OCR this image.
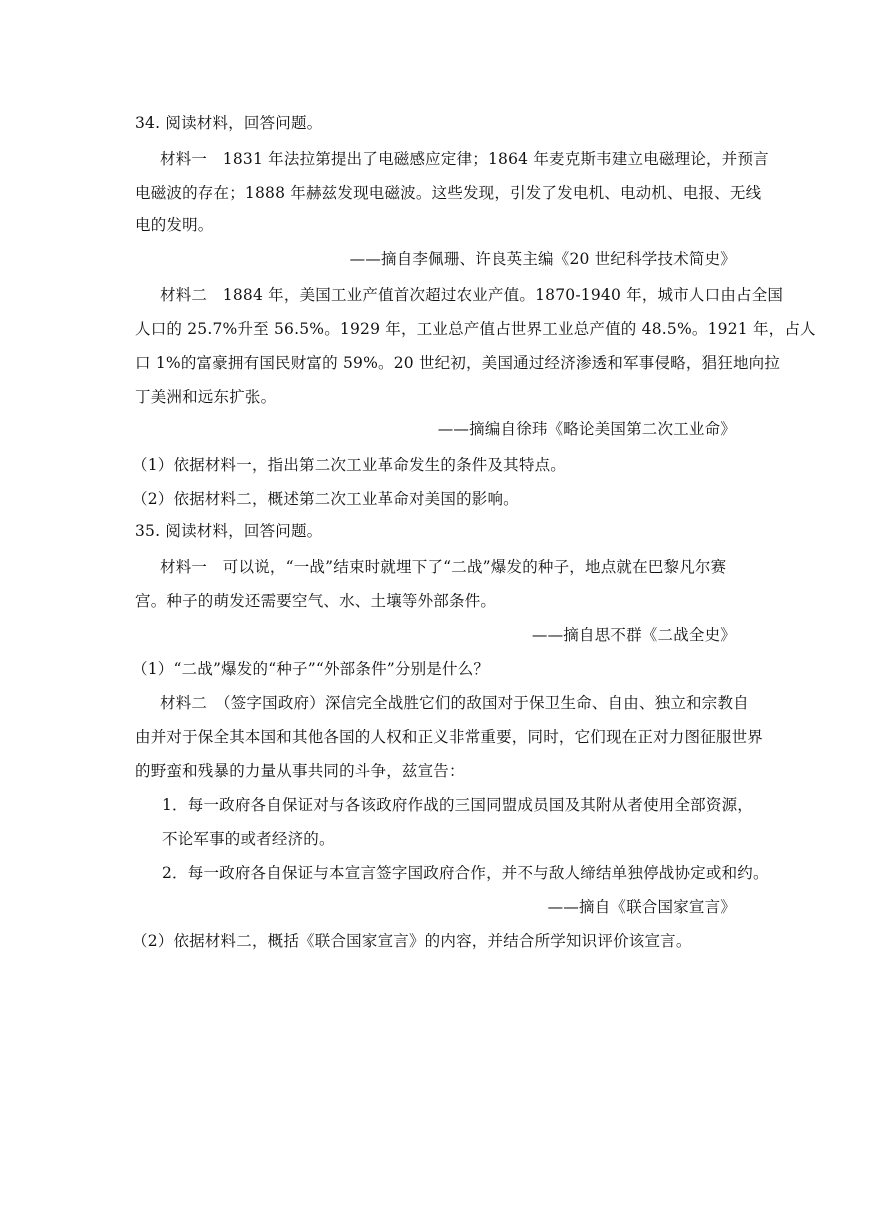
34. 阅读材料，回答问题。
材料一　1831 年法拉第提出了电磁感应定律；1864 年麦克斯韦建立电磁理论，并预言
电磁波的存在；1888 年赫兹发现电磁波。这些发现，引发了发电机、电动机、电报、无线
电的发明。
——摘自李佩珊、许良英主编《20 世纪科学技术简史》
材料二　1884 年，美国工业产值首次超过农业产值。1870-1940 年，城市人口由占全国
人口的 25.7%升至 56.5%。1929 年，工业总产值占世界工业总产值的 48.5%。1921 年，占人
口 1%的富豪拥有国民财富的 59%。20 世纪初，美国通过经济渗透和军事侵略，猖狂地向拉
丁美洲和远东扩张。
——摘编自徐玮《略论美国第二次工业命》
（1）依据材料一，指出第二次工业革命发生的条件及其特点。
（2）依据材料二，概述第二次工业革命对美国的影响。
35. 阅读材料，回答问题。
材料一　可以说，“一战”结束时就埋下了“二战”爆发的种子，地点就在巴黎凡尔赛
宫。种子的萌发还需要空气、水、土壤等外部条件。
——摘自思不群《二战全史》
（1）“二战”爆发的“种子”“外部条件”分别是什么？
材料二　（签字国政府）深信完全战胜它们的敌国对于保卫生命、自由、独立和宗教自
由并对于保全其本国和其他各国的人权和正义非常重要，同时，它们现在正对力图征服世界
的野蛮和残暴的力量从事共同的斗争，兹宣告：
1．每一政府各自保证对与各该政府作战的三国同盟成员国及其附从者使用全部资源，
不论军事的或者经济的。
2．每一政府各自保证与本宣言签字国政府合作，并不与敌人缔结单独停战协定或和约。
——摘自《联合国家宣言》
（2）依据材料二，概括《联合国家宣言》的内容，并结合所学知识评价该宣言。
